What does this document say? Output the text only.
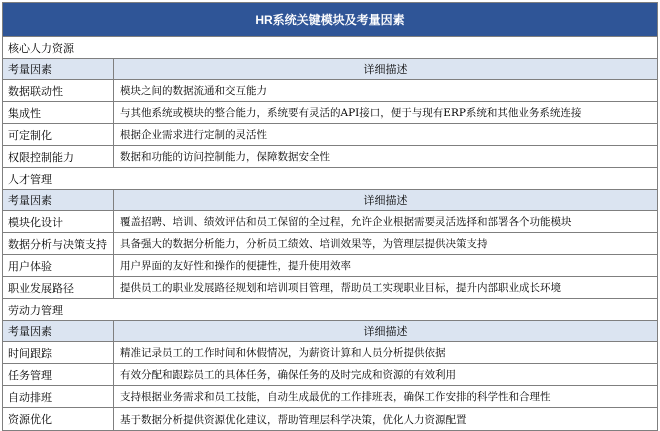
HR系统关键模块及考量因素
核心人力资源
考量因素	详细描述
数据联动性	模块之间的数据流通和交互能力
集成性	与其他系统或模块的整合能力，系统要有灵活的API接口，便于与现有ERP系统和其他业务系统连接
可定制化	根据企业需求进行定制的灵活性
权限控制能力	数据和功能的访问控制能力，保障数据安全性
人才管理
考量因素	详细描述
模块化设计	覆盖招聘、培训、绩效评估和员工保留的全过程，允许企业根据需要灵活选择和部署各个功能模块
数据分析与决策支持	具备强大的数据分析能力，分析员工绩效、培训效果等，为管理层提供决策支持
用户体验	用户界面的友好性和操作的便捷性，提升使用效率
职业发展路径	提供员工的职业发展路径规划和培训项目管理，帮助员工实现职业目标，提升内部职业成长环境
劳动力管理
考量因素	详细描述
时间跟踪	精准记录员工的工作时间和休假情况，为薪资计算和人员分析提供依据
任务管理	有效分配和跟踪员工的具体任务，确保任务的及时完成和资源的有效利用
自动排班	支持根据业务需求和员工技能，自动生成最优的工作排班表，确保工作安排的科学性和合理性
资源优化	基于数据分析提供资源优化建议，帮助管理层科学决策，优化人力资源配置
